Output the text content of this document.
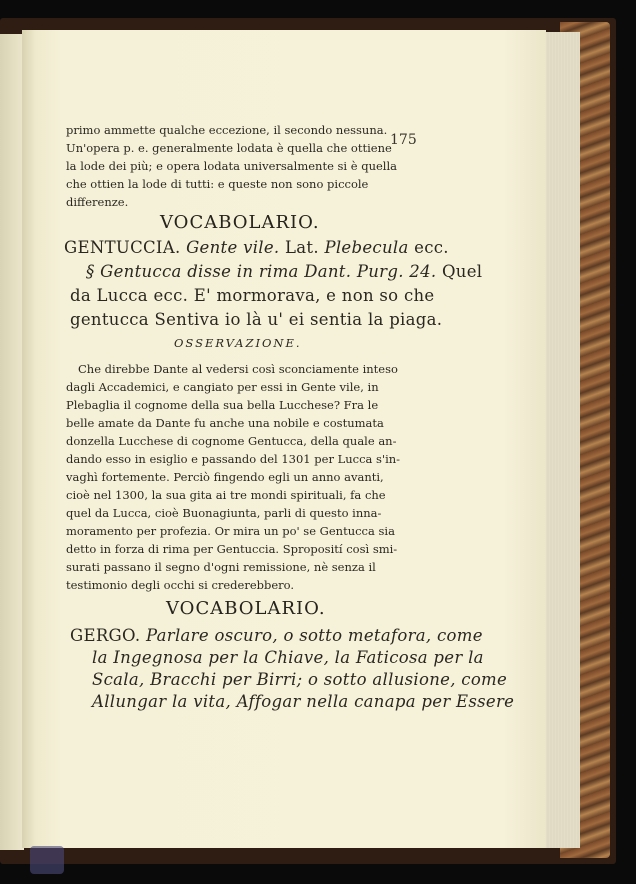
175
primo ammette qualche eccezione, il secondo nessuna.
Un'opera p. e. generalmente lodata è quella che ottiene
la lode dei più; e opera lodata universalmente si è quella
che ottien la lode di tutti: e queste non sono piccole
differenze.
VOCABOLARIO.
GENTUCCIA. Gente vile. Lat. Plebecula ecc.
§ Gentucca disse in rima Dant. Purg. 24. Quel
da Lucca ecc. E' mormorava, e non so che
gentucca Sentiva io là u' ei sentia la piaga.
OSSERVAZIONE.
Che direbbe Dante al vedersi così sconciamente inteso
dagli Accademici, e cangiato per essi in Gente vile, in
Plebaglia il cognome della sua bella Lucchese? Fra le
belle amate da Dante fu anche una nobile e costumata
donzella Lucchese di cognome Gentucca, della quale an-
dando esso in esiglio e passando del 1301 per Lucca s'in-
vaghì fortemente. Perciò fingendo egli un anno avanti,
cioè nel 1300, la sua gita ai tre mondi spirituali, fa che
quel da Lucca, cioè Buonagiunta, parli di questo inna-
moramento per profezia. Or mira un po' se Gentucca sia
detto in forza di rima per Gentuccia. Sproposití così smi-
surati passano il segno d'ogni remissione, nè senza il
testimonio degli occhi si crederebbero.
VOCABOLARIO.
GERGO. Parlare oscuro, o sotto metafora, come
la Ingegnosa per la Chiave, la Faticosa per la
Scala, Bracchi per Birri; o sotto allusione, come
Allungar la vita, Affogar nella canapa per Essere
